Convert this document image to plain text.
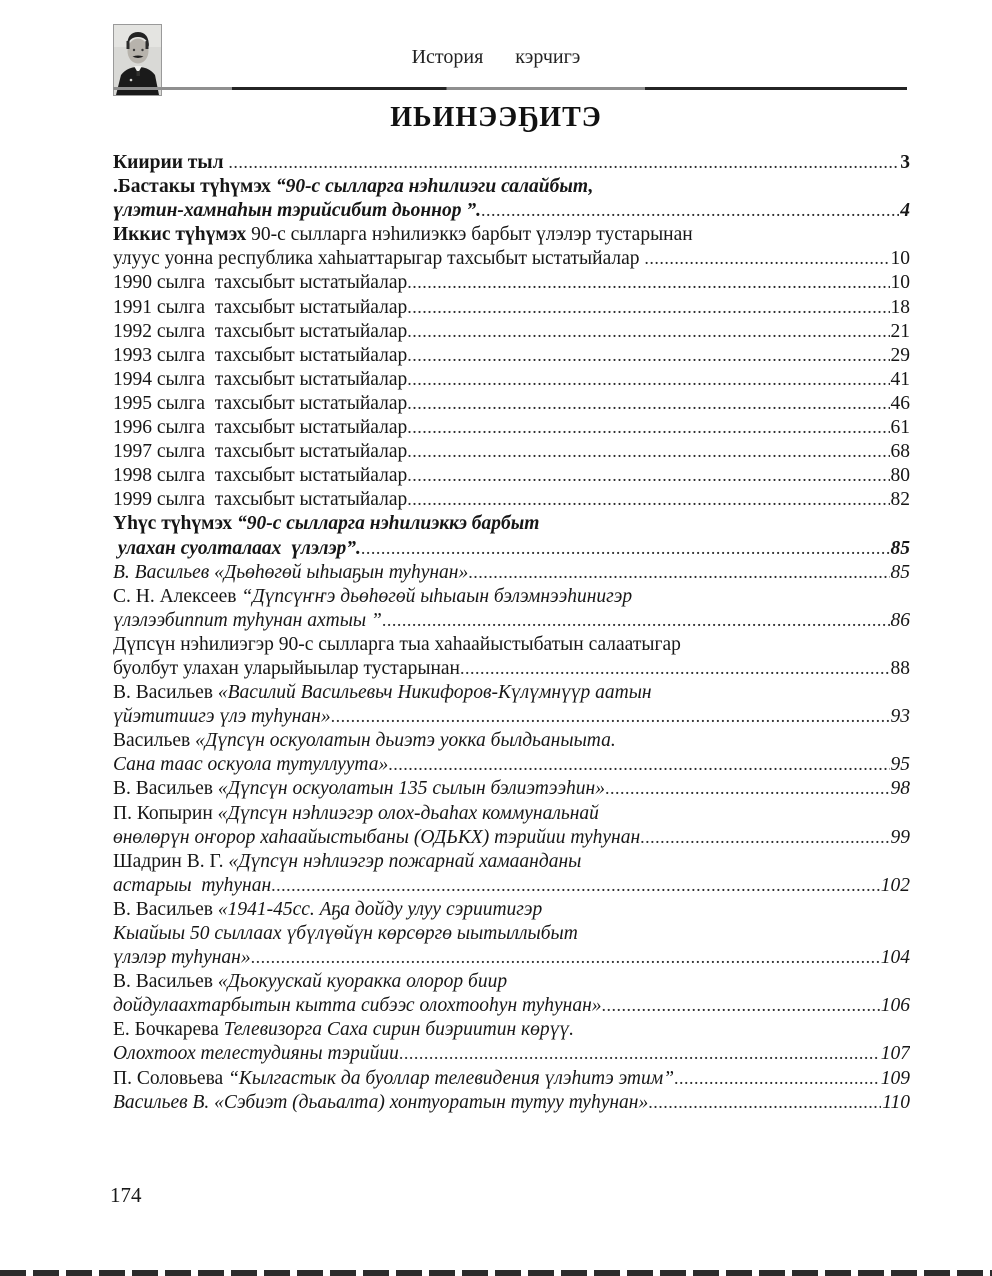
История кэрчигэ
ИЬИНЭЭҔИТЭ
Киирии тыл .....	3
.Бастакы түһүмэх “90-с сылларга нэһилиэги салайбыт,
үлэтин-хамнаһын тэрийсибит дьоннор ”. .....	4
Иккис түһүмэх 90-с сылларга нэһилиэккэ барбыт үлэлэр тустарынан
улуус уонна республика хаһыаттарыгар тахсыбыт ыстатыйалар .....	10
1990 сылга  тахсыбыт ыстатыйалар .....	10
1991 сылга  тахсыбыт ыстатыйалар .....	18
1992 сылга  тахсыбыт ыстатыйалар .....	21
1993 сылга  тахсыбыт ыстатыйалар .....	29
1994 сылга  тахсыбыт ыстатыйалар .....	41
1995 сылга  тахсыбыт ыстатыйалар .....	46
1996 сылга  тахсыбыт ыстатыйалар .....	61
1997 сылга  тахсыбыт ыстатыйалар .....	68
1998 сылга  тахсыбыт ыстатыйалар .....	80
1999 сылга  тахсыбыт ыстатыйалар .....	82
Үһүс түһүмэх “90-с сылларга нэһилиэккэ барбыт
улахан суолталаах  үлэлэр”. .....	85
В. Васильев «Дьөһөгөй ыһыаҕын туһунан» .....	85
С. Н. Алексеев “Дүпсүҥҥэ дьөһөгөй ыһыаын бэлэмнээһинигэр
үлэлээбиппит туһунан ахтыы ” .....	86
Дүпсүн нэһилиэгэр 90-с сылларга тыа хаһаайыстыбатын салаатыгар
буолбут улахан уларыйыылар тустарынан .....	88
В. Васильев «Василий Васильевьч Никифоров-Күлүмнүүр аатын
үйэтитиигэ үлэ туһунан» .....	93
Васильев «Дүпсүн оскуолатын дьиэтэ уокка былдьаныыта.
Сана таас оскуола тутуллуута» .....	95
В. Васильев «Дүпсүн оскуолатын 135 сылын бэлиэтээһин» .....	98
П. Копырин «Дүпсүн нэһлиэгэр олох-дьаһах коммунальнай
өнөлөрүн оҥорор хаһаайыстыбаны (ОДЬКХ) тэрийии туһунан .....	99
Шадрин В. Г. «Дүпсүн нэһлиэгэр пожарнай хамаанданы
астарыы  туһунан .....	102
В. Васильев «1941-45сс. Аҕа дойду улуу сэриитигэр
Кыайыы 50 сыллаах үбүлүөйүн көрсөргө ыытыллыбыт
үлэлэр туһунан» .....	104
В. Васильев «Дьокуускай куоракка олорор биир
дойдулаахтарбытын кытта сибээс олохтооһун туһунан» .....	106
Е. Бочкарева Телевизорга Саха сирин биэриитин көрүү.
Олохтоох телестудияны тэрийии .....	107
П. Соловьева “Кылгастык да буоллар телевидения үлэһитэ этим” .....	109
Васильев В. «Сэбиэт (дьаьалта) хонтуоратын тутуу туһунан» .....	110
174
